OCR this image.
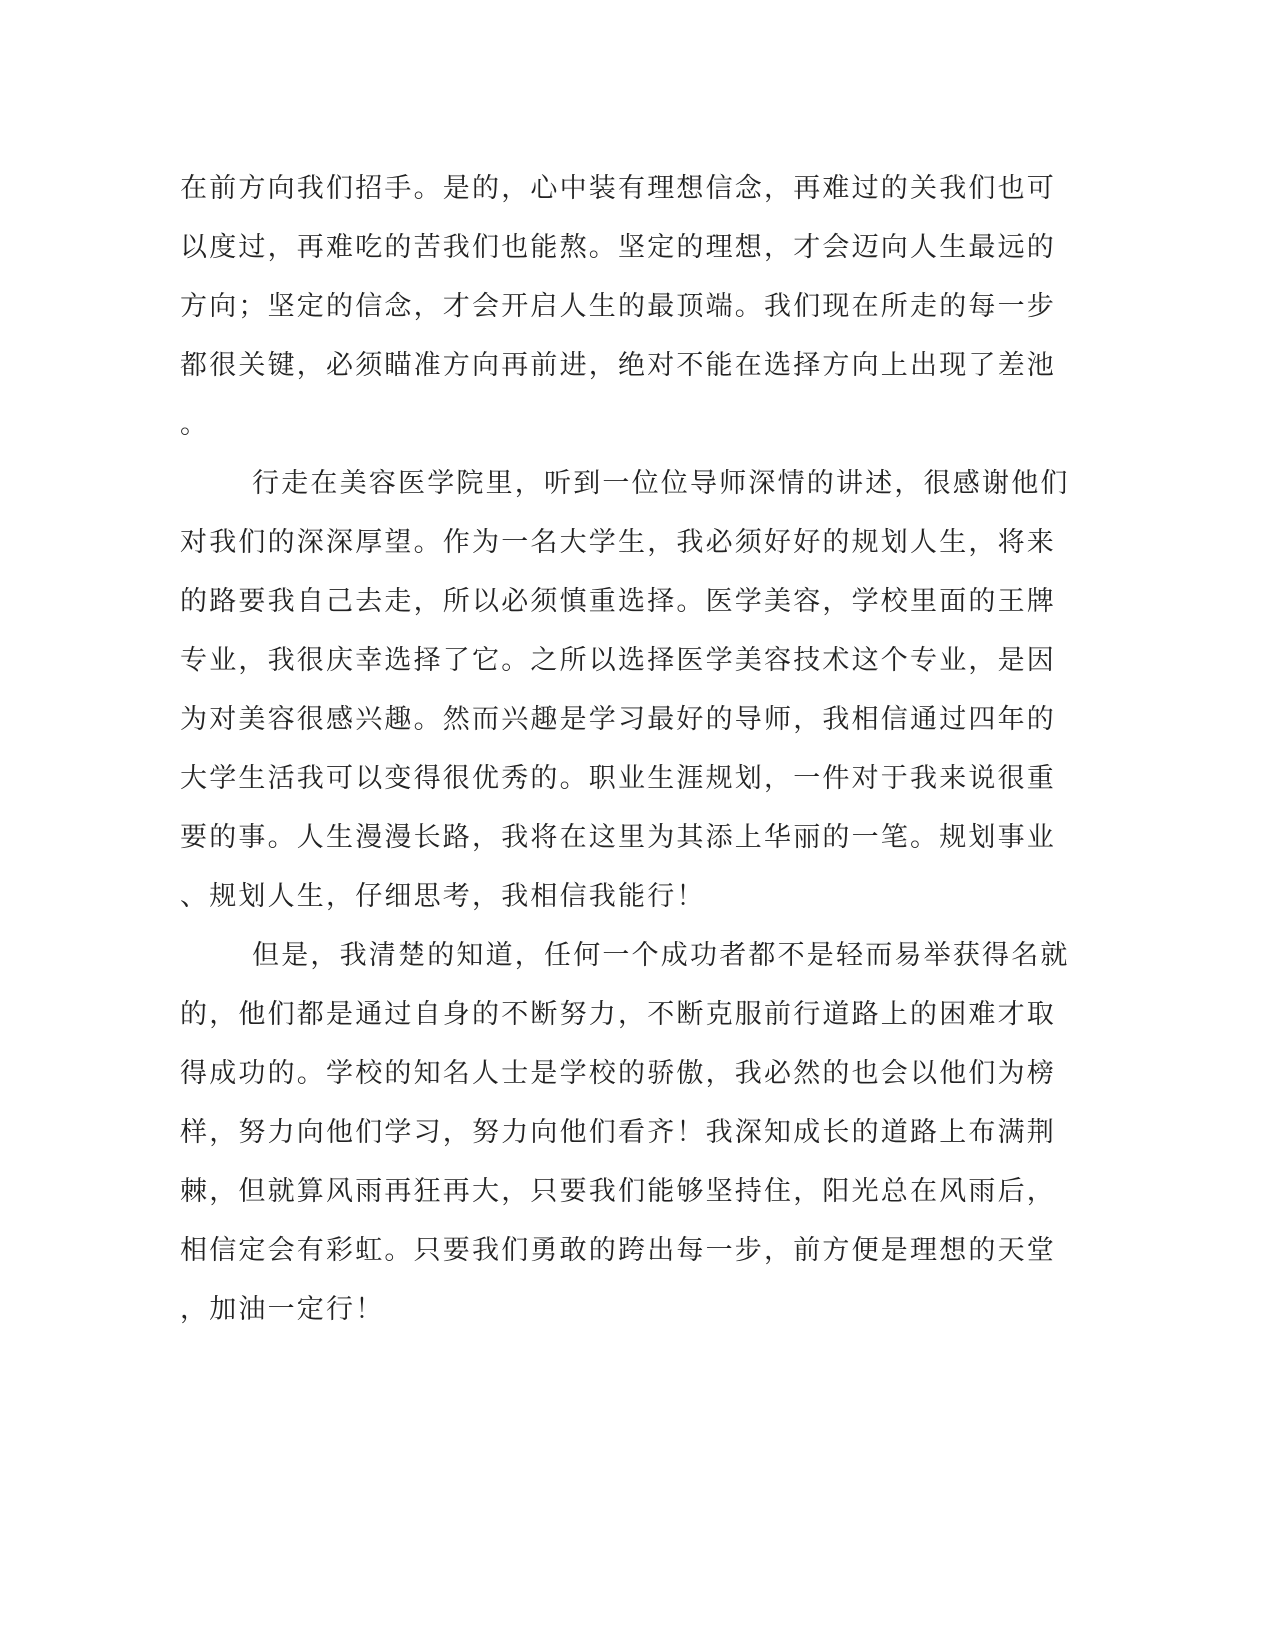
在前方向我们招手。是的，心中装有理想信念，再难过的关我们也可
以度过，再难吃的苦我们也能熬。坚定的理想，才会迈向人生最远的
方向；坚定的信念，才会开启人生的最顶端。我们现在所走的每一步
都很关键，必须瞄准方向再前进，绝对不能在选择方向上出现了差池
。
行走在美容医学院里，听到一位位导师深情的讲述，很感谢他们
对我们的深深厚望。作为一名大学生，我必须好好的规划人生，将来
的路要我自己去走，所以必须慎重选择。医学美容，学校里面的王牌
专业，我很庆幸选择了它。之所以选择医学美容技术这个专业，是因
为对美容很感兴趣。然而兴趣是学习最好的导师，我相信通过四年的
大学生活我可以变得很优秀的。职业生涯规划，一件对于我来说很重
要的事。人生漫漫长路，我将在这里为其添上华丽的一笔。规划事业
、规划人生，仔细思考，我相信我能行！
但是，我清楚的知道，任何一个成功者都不是轻而易举获得名就
的，他们都是通过自身的不断努力，不断克服前行道路上的困难才取
得成功的。学校的知名人士是学校的骄傲，我必然的也会以他们为榜
样，努力向他们学习，努力向他们看齐！我深知成长的道路上布满荆
棘，但就算风雨再狂再大，只要我们能够坚持住，阳光总在风雨后，
相信定会有彩虹。只要我们勇敢的跨出每一步，前方便是理想的天堂
，加油一定行！
